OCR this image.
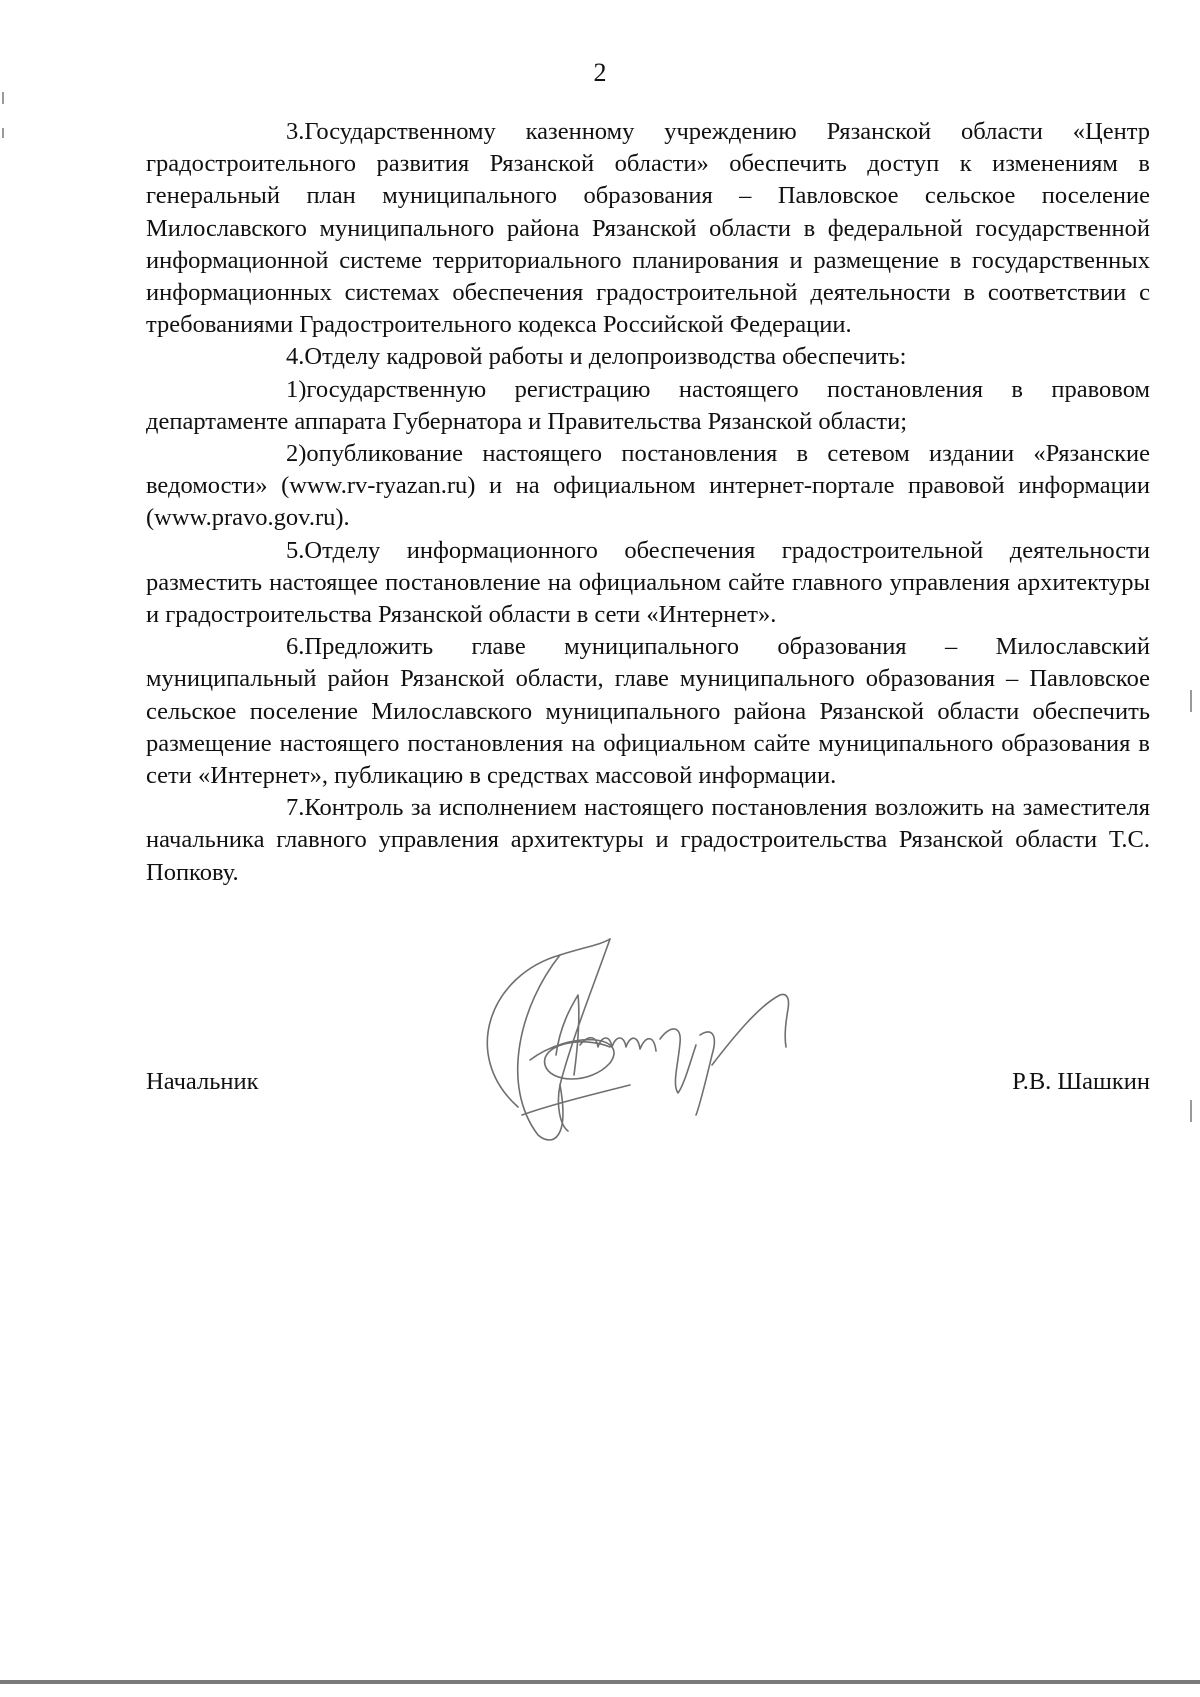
2

3.Государственному казенному учреждению Рязанской области «Центр градостроительного развития Рязанской области» обеспечить доступ к изменениям в генеральный план муниципального образования – Павловское сельское поселение Милославского муниципального района Рязанской области в федеральной государственной информационной системе территориального планирования и размещение в государственных информационных системах обеспечения градостроительной деятельности в соответствии с требованиями Градостроительного кодекса Российской Федерации.

4.Отделу кадровой работы и делопроизводства обеспечить:

1)государственную регистрацию настоящего постановления в правовом департаменте аппарата Губернатора и Правительства Рязанской области;

2)опубликование настоящего постановления в сетевом издании «Рязанские ведомости» (www.rv-ryazan.ru) и на официальном интернет-портале правовой информации (www.pravo.gov.ru).

5.Отделу информационного обеспечения градостроительной деятельности разместить настоящее постановление на официальном сайте главного управления архитектуры и градостроительства Рязанской области в сети «Интернет».

6.Предложить главе муниципального образования – Милославский муниципальный район Рязанской области, главе муниципального образования – Павловское сельское поселение Милославского муниципального района Рязанской области обеспечить размещение настоящего постановления на официальном сайте муниципального образования в сети «Интернет», публикацию в средствах массовой информации.

7.Контроль за исполнением настоящего постановления возложить на заместителя начальника главного управления архитектуры и градостроительства Рязанской области Т.С. Попкову.

Начальник	Р.В. Шашкин
